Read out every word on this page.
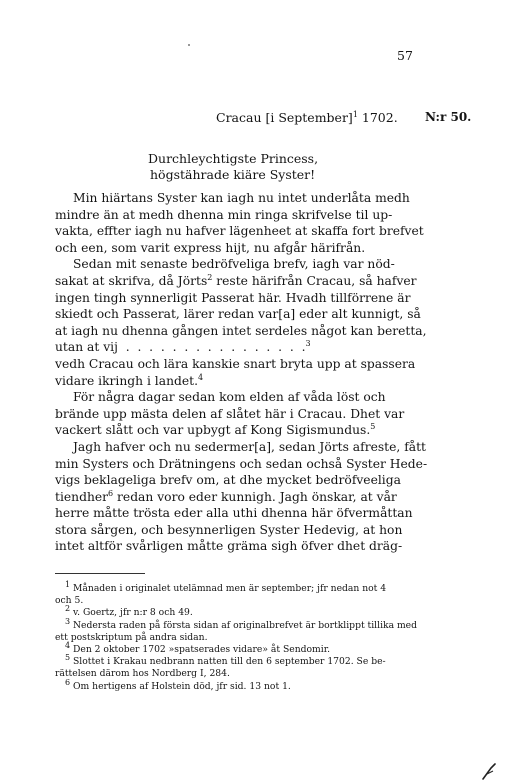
57
Cracau [i September]$^1$ 1702. N:r 50.
Durchleychtigste Princess,
högstährade kiäre Syster!
Min hiärtans Syster kan iagh nu intet underlåta medh
mindre än at medh dhenna min ringa skrifvelse til up-
vakta, effter iagh nu hafver lägenheet at skaffa fort brefvet
och een, som varit express hijt, nu afgår härifrån.
Sedan mit senaste bedröfveliga brefv, iagh var nöd-
sakat at skrifva, då Jörts$^2$ reste härifrån Cracau, så hafver
ingen tingh synnerligit Passerat här. Hvadh tillförrene är
skiedt och Passerat, lärer redan var[a] eder alt kunnigt, så
at iagh nu dhenna gången intet serdeles något kan beretta,
utan at vij  .  .  .  .  .  .  .  .  .  .  .  .  .  .  .  .$^3$
vedh Cracau och lära kanskie snart bryta upp at spassera
vidare ikringh i landet.$^4$
För några dagar sedan kom elden af våda löst och
brände upp mästa delen af slåtet här i Cracau. Dhet var
vackert slått och var upbygt af Kong Sigismundus.$^5$
Jagh hafver och nu sedermer[a], sedan Jörts afreste, fått
min Systers och Drätningens och sedan ochså Syster Hede-
vigs beklageliga brefv om, at dhe mycket bedröfveeliga
tiendher$^6$ redan voro eder kunnigh. Jagh önskar, at vår
herre måtte trösta eder alla uthi dhenna här öfvermåttan
stora sårgen, och besynnerligen Syster Hedevig, at hon
intet altför svårligen måtte gräma sigh öfver dhet dräg-
1 Månaden i originalet utelämnad men är september; jfr nedan not 4
och 5.
2 v. Goertz, jfr n:r 8 och 49.
3 Nedersta raden på första sidan af originalbrefvet är bortklippt tillika med
ett postskriptum på andra sidan.
4 Den 2 oktober 1702 »spatserades vidare» åt Sendomir.
5 Slottet i Krakau nedbrann natten till den 6 september 1702. Se be-
rättelsen därom hos Nordberg I, 284.
6 Om hertigens af Holstein död, jfr sid. 13 not 1.
